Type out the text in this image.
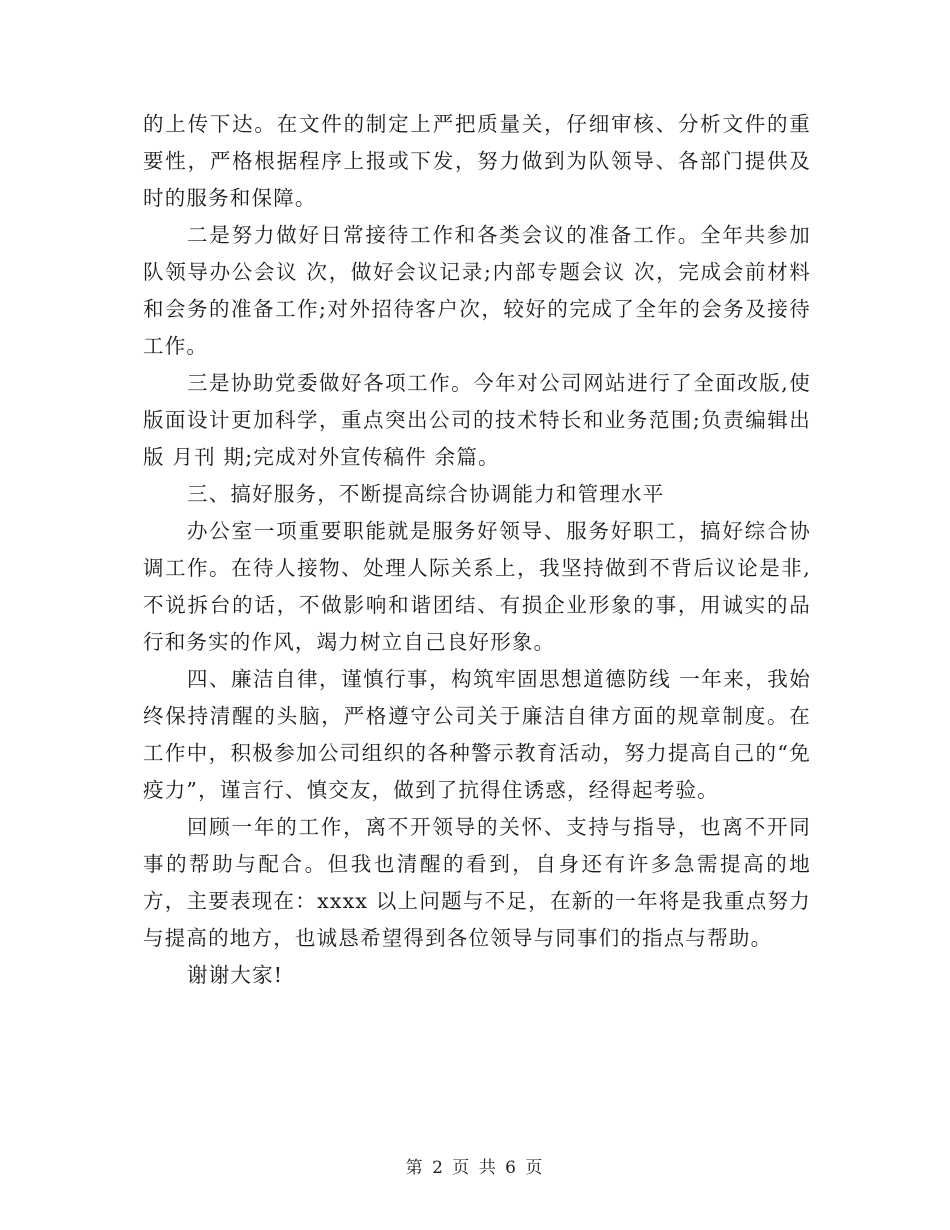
的上传下达。在文件的制定上严把质量关，仔细审核、分析文件的重要性，严格根据程序上报或下发，努力做到为队领导、各部门提供及时的服务和保障。

二是努力做好日常接待工作和各类会议的准备工作。全年共参加队领导办公会议 次，做好会议记录;内部专题会议 次，完成会前材料和会务的准备工作;对外招待客户次，较好的完成了全年的会务及接待工作。

三是协助党委做好各项工作。今年对公司网站进行了全面改版,使版面设计更加科学，重点突出公司的技术特长和业务范围;负责编辑出版 月刊 期;完成对外宣传稿件 余篇。

三、搞好服务，不断提高综合协调能力和管理水平

办公室一项重要职能就是服务好领导、服务好职工，搞好综合协调工作。在待人接物、处理人际关系上，我坚持做到不背后议论是非,不说拆台的话，不做影响和谐团结、有损企业形象的事，用诚实的品行和务实的作风，竭力树立自己良好形象。

四、廉洁自律，谨慎行事，构筑牢固思想道德防线 一年来，我始终保持清醒的头脑，严格遵守公司关于廉洁自律方面的规章制度。在工作中，积极参加公司组织的各种警示教育活动，努力提高自己的“免疫力”，谨言行、慎交友，做到了抗得住诱惑，经得起考验。

回顾一年的工作，离不开领导的关怀、支持与指导，也离不开同事的帮助与配合。但我也清醒的看到，自身还有许多急需提高的地方，主要表现在：xxxx 以上问题与不足，在新的一年将是我重点努力与提高的地方，也诚恳希望得到各位领导与同事们的指点与帮助。

谢谢大家!

第 2 页 共 6 页
